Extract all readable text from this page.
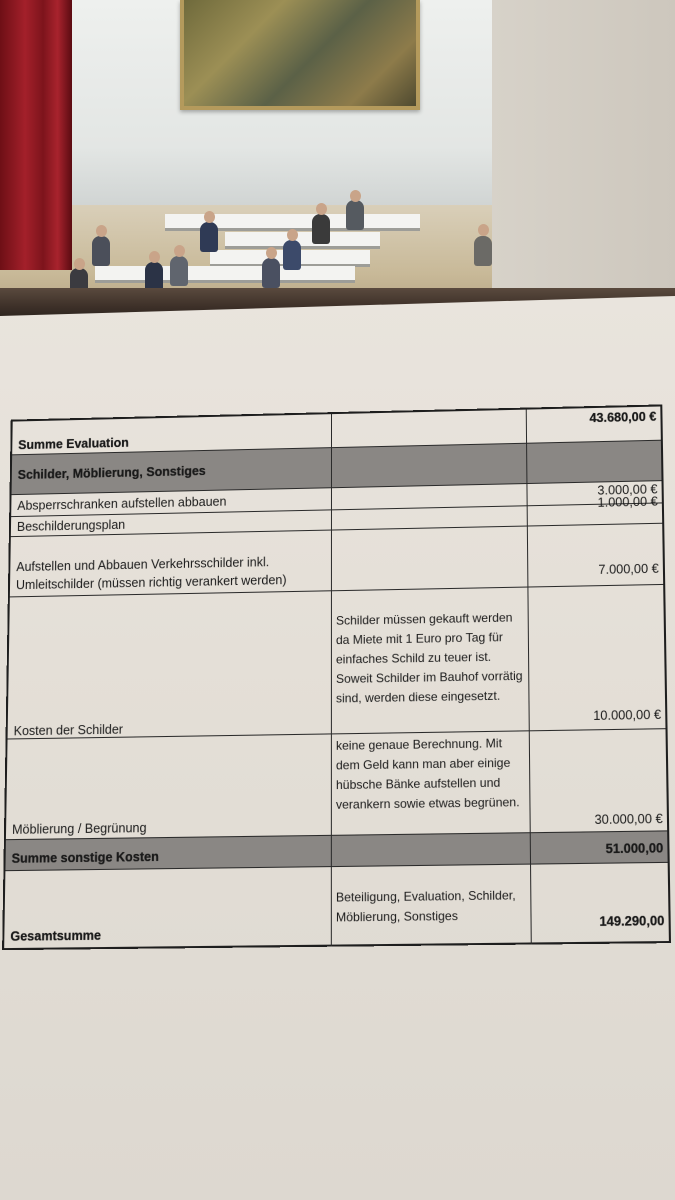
Summe Evaluation
43.680,00 €
Schilder, Möblierung, Sonstiges
Absperrschranken aufstellen abbauen
3.000,00 €
Beschilderungsplan
1.000,00 €
Aufstellen und Abbauen Verkehrsschilder inkl. Umleitschilder (müssen richtig verankert werden)
7.000,00 €
Kosten der Schilder
Schilder müssen gekauft werden da Miete mit 1 Euro pro Tag für einfaches Schild zu teuer ist. Soweit Schilder im Bauhof vorrätig sind, werden diese eingesetzt.
10.000,00 €
Möblierung / Begrünung
keine genaue Berechnung. Mit dem Geld kann man aber einige hübsche Bänke aufstellen und verankern sowie etwas begrünen.
30.000,00 €
Summe sonstige Kosten
51.000,00
Gesamtsumme
Beteiligung, Evaluation, Schilder, Möblierung, Sonstiges	149.290,00
